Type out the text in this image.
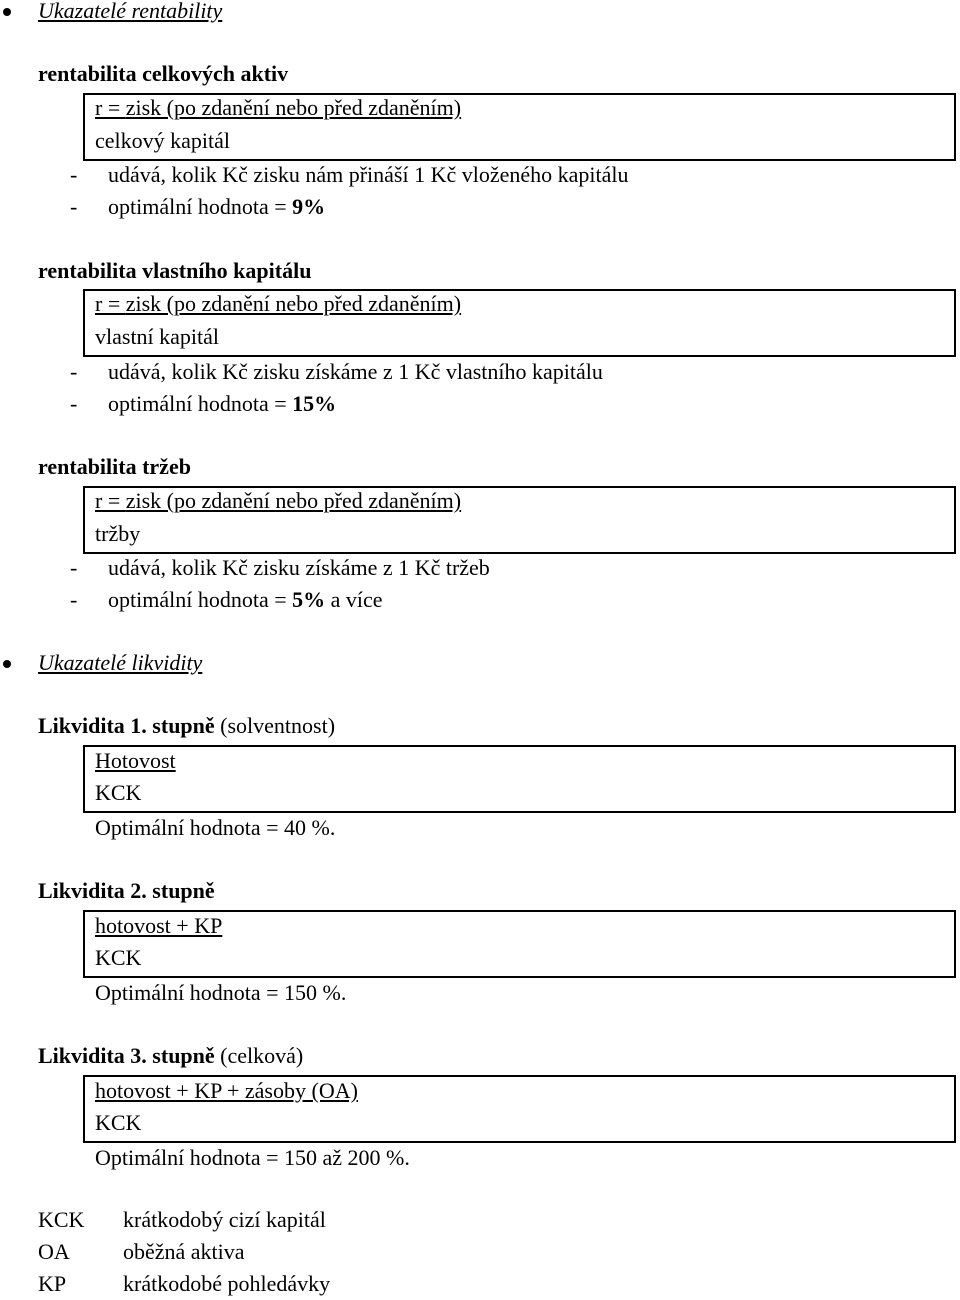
Ukazatelé rentability
rentabilita celkových aktiv
r = zisk (po zdanění nebo před zdaněním)
celkový kapitál
- udává, kolik Kč zisku nám přináší 1 Kč vloženého kapitálu
- optimální hodnota = 9%
rentabilita vlastního kapitálu
r = zisk (po zdanění nebo před zdaněním)
vlastní kapitál
- udává, kolik Kč zisku získáme z 1 Kč vlastního kapitálu
- optimální hodnota = 15%
rentabilita tržeb
r = zisk (po zdanění nebo před zdaněním)
tržby
- udává, kolik Kč zisku získáme z 1 Kč tržeb
- optimální hodnota = 5% a více
Ukazatelé likvidity
Likvidita 1. stupně (solventnost)
Hotovost
KCK
Optimální hodnota = 40 %.
Likvidita 2. stupně
hotovost + KP
KCK
Optimální hodnota = 150 %.
Likvidita 3. stupně (celková)
hotovost + KP + zásoby (OA)
KCK
Optimální hodnota = 150 až 200 %.
KCK krátkodobý cizí kapitál
OA oběžná aktiva
KP	krátkodobé pohledávky
